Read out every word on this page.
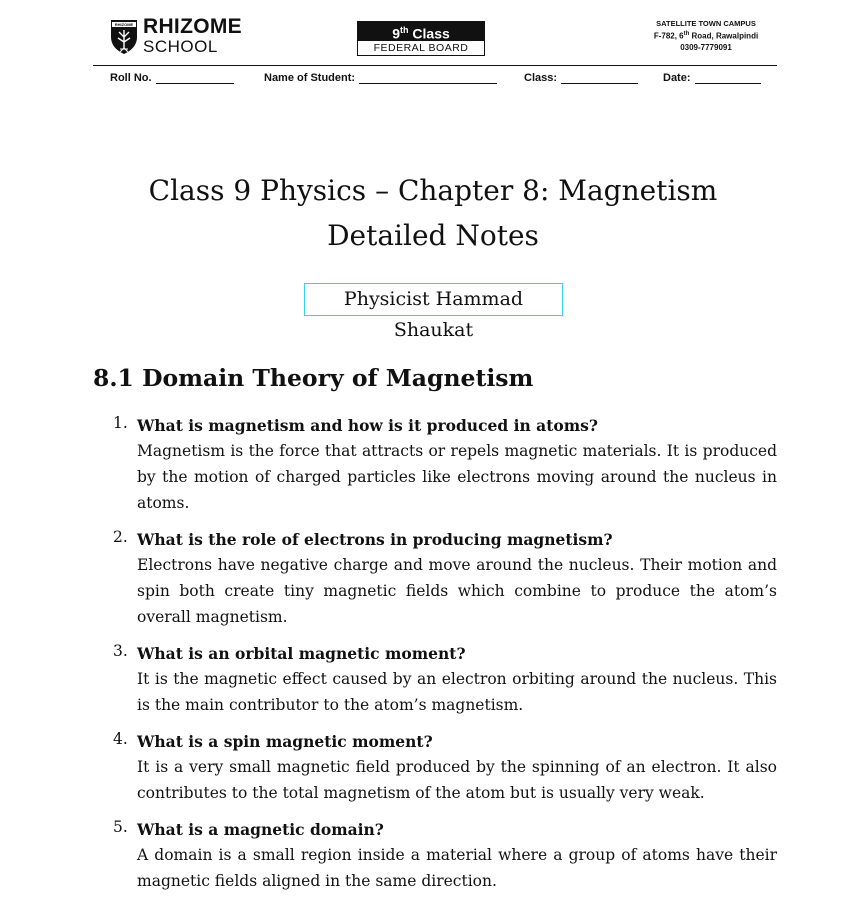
RHIZOME RHIZOME
SCHOOL
9th Class
FEDERAL BOARD
SATELLITE TOWN CAMPUS
F-782, 6th Road, Rawalpindi
0309-7779091
Roll No.	Name of Student:	Class:	Date:
Class 9 Physics – Chapter 8: Magnetism
Detailed Notes
Physicist Hammad Shaukat
8.1 Domain Theory of Magnetism
1. What is magnetism and how is it produced in atoms?
Magnetism is the force that attracts or repels magnetic materials. It is produced by the motion of charged particles like electrons moving around the nucleus in atoms.
2. What is the role of electrons in producing magnetism?
Electrons have negative charge and move around the nucleus. Their motion and spin both create tiny magnetic fields which combine to produce the atom’s overall magnetism.
3. What is an orbital magnetic moment?
It is the magnetic effect caused by an electron orbiting around the nucleus. This is the main contributor to the atom’s magnetism.
4. What is a spin magnetic moment?
It is a very small magnetic field produced by the spinning of an electron. It also contributes to the total magnetism of the atom but is usually very weak.
5. What is a magnetic domain?
A domain is a small region inside a material where a group of atoms have their magnetic fields aligned in the same direction.
